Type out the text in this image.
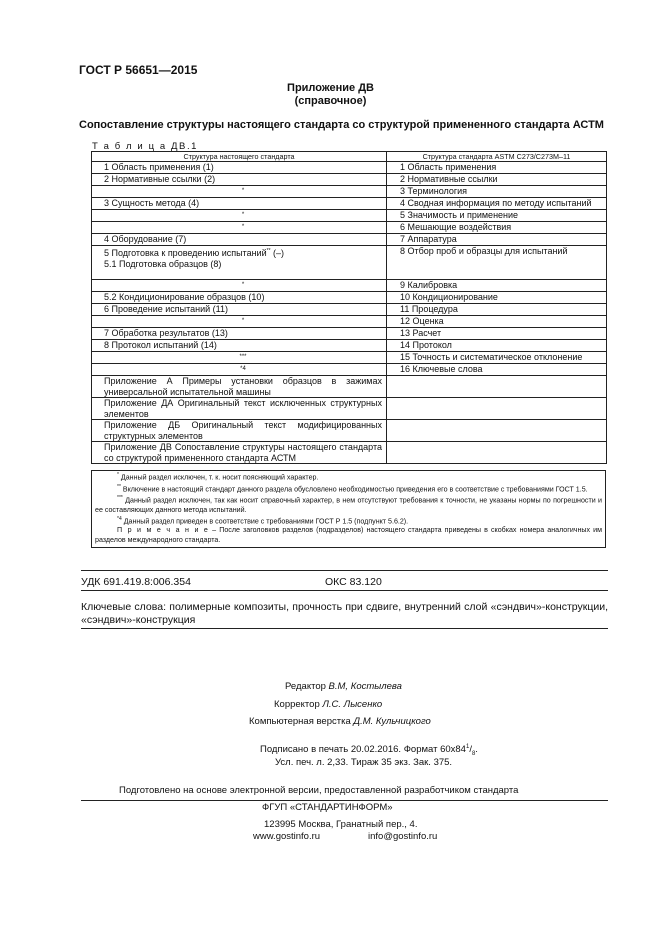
ГОСТ Р 56651—2015
Приложение ДВ
(справочное)
Сопоставление структуры настоящего стандарта со структурой примененного стандарта АСТМ
Т а б л и ц а ДВ.1
Структура настоящего стандарта	Структура стандарта ASTM C273/C273M–11
1 Область применения (1)	1 Область применения
2 Нормативные ссылки (2)	2 Нормативные ссылки

*	3 Терминология
3 Сущность метода (4)	4 Сводная информация по методу испытаний

*	5 Значимость и применение

*	6 Мешающие воздействия
4 Оборудование (7)	7 Аппаратура
5 Подготовка к проведению испытаний** (–)
5.1 Подготовка образцов (8)	8 Отбор проб и образцы для испытаний

*	9 Калибровка
5.2 Кондиционирование образцов (10)	10 Кондиционирование
6 Проведение испытаний (11)	11 Процедура

*	12 Оценка
7 Обработка результатов (13)	13 Расчет
8 Протокол испытаний (14)	14 Протокол

***	15 Точность и систематическое отклонение

*4	16 Ключевые слова
Приложение А Примеры установки образцов в зажимах универсальной испытательной машины	
Приложение ДА Оригинальный текст исключенных структурных элементов	
Приложение ДБ Оригинальный текст модифицированных структурных элементов	
Приложение ДВ Сопоставление структуры настоящего стандарта со структурой примененного стандарта АСТМ	

* Данный раздел исключен, т. к. носит поясняющий характер.

** Включение в настоящий стандарт данного раздела обусловлено необходимостью приведения его в соответствие с требованиями ГОСТ 1.5.

*** Данный раздел исключен, так как носит справочный характер, в нем отсутствуют требования к точности, не указаны нормы по погрешности и ее составляющих данного метода испытаний.

$^{*4}$ Данный раздел приведен в соответствие с требованиями ГОСТ Р 1.5 (подпункт 5.6.2).

П р и м е ч а н и е – После заголовков разделов (подразделов) настоящего стандарта приведены в скобках номера аналогичных им разделов международного стандарта.

УДК 691.419.8:006.354	ОКС 83.120
Ключевые слова: полимерные композиты, прочность при сдвиге, внутренний слой «сэндвич»-конструкции, «сэндвич»-конструкция
Редактор В.М, Костылева
Корректор Л.С. Лысенко
Компьютерная верстка Д.М. Кульчицкого
Подписано в печать 20.02.2016. Формат $60x84^1/_8$.
Усл. печ. л. 2,33. Тираж 35 экз. Зак. 375.
Подготовлено на основе электронной версии, предоставленной разработчиком стандарта
ФГУП «СТАНДАРТИНФОРМ»
123995 Москва, Гранатный пер., 4.
www.gostinfo.ru	info@gostinfo.ru
